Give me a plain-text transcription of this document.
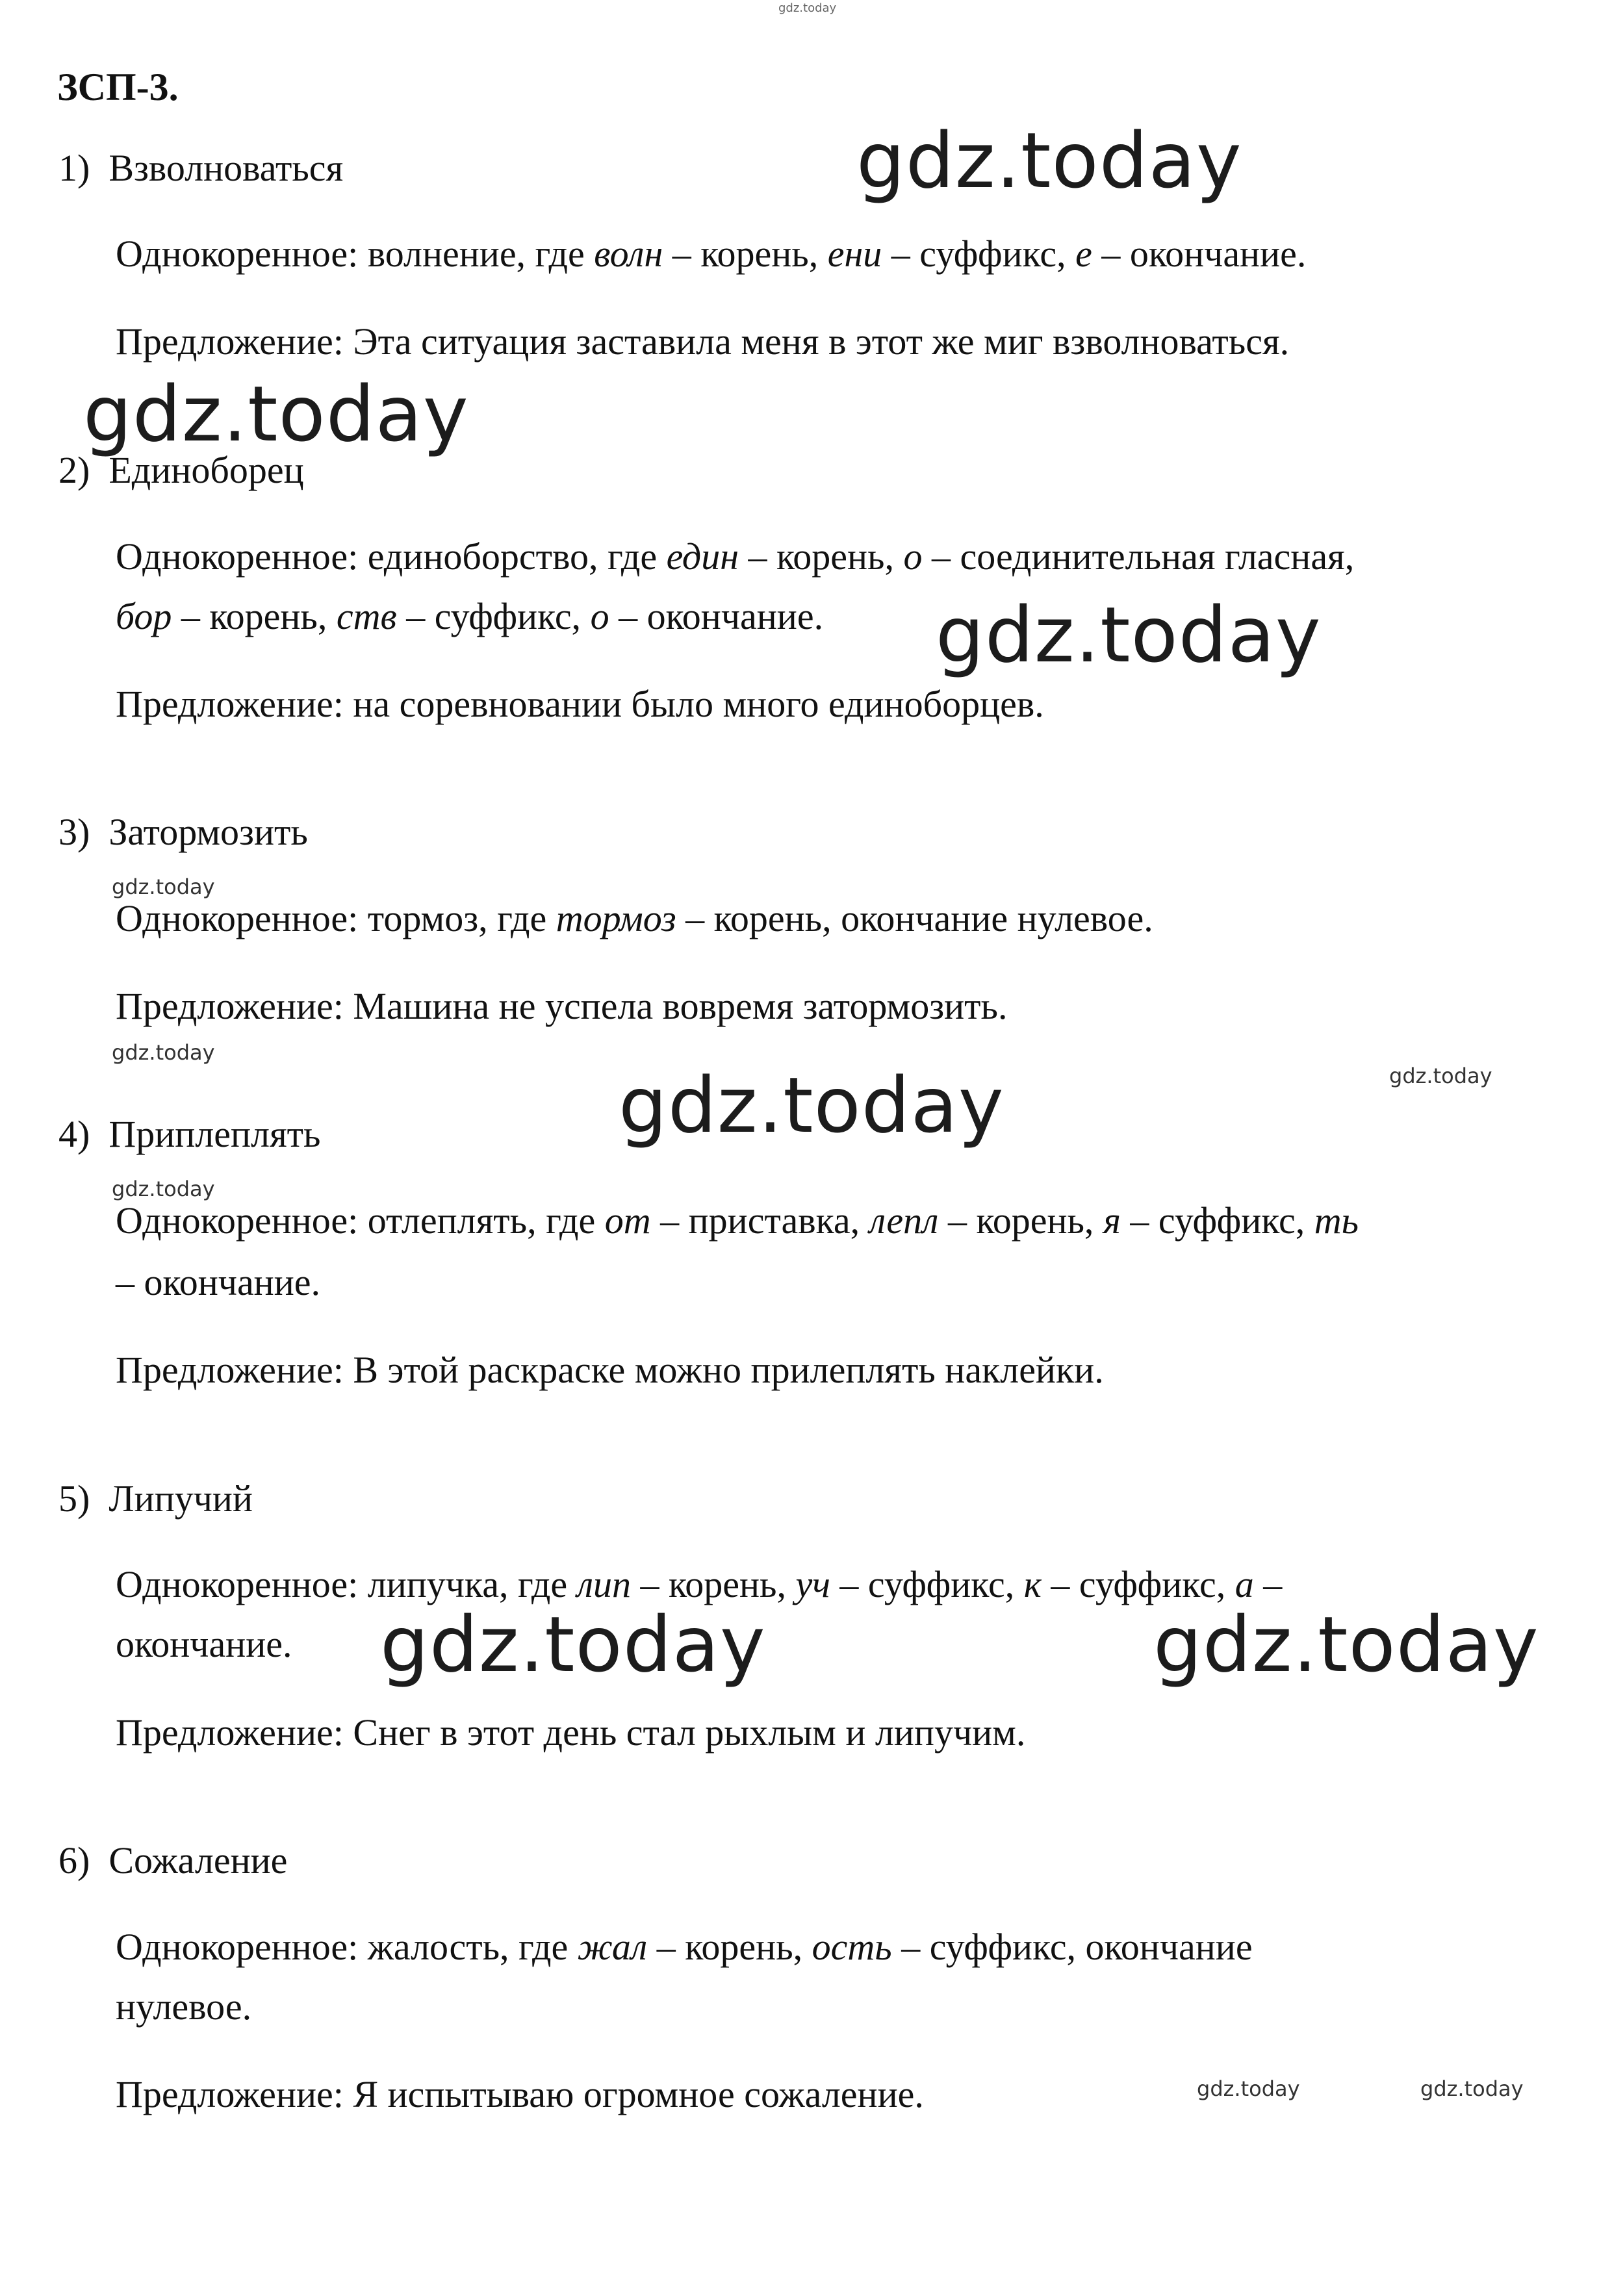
gdz.today
ЗСП-3.
1) Взволноваться
Однокоренное: волнение, где волн – корень, ени – суффикс, е – окончание.
Предложение: Эта ситуация заставила меня в этот же миг взволноваться.
2) Единоборец
Однокоренное: единоборство, где един – корень, о – соединительная гласная,
бор – корень, ств – суффикс, о – окончание.
Предложение: на соревновании было много единоборцев.
3) Затормозить
Однокоренное: тормоз, где тормоз – корень, окончание нулевое.
Предложение: Машина не успела вовремя затормозить.
4) Приплеплять
Однокоренное: отлеплять, где от – приставка, лепл – корень, я – суффикс, ть
– окончание.
Предложение: В этой раскраске можно прилеплять наклейки.
5) Липучий
Однокоренное: липучка, где лип – корень, уч – суффикс, к – суффикс, а –
окончание.
Предложение: Снег в этот день стал рыхлым и липучим.
6) Сожаление
Однокоренное: жалость, где жал – корень, ость – суффикс, окончание
нулевое.
Предложение: Я испытываю огромное сожаление.
gdz.today
gdz.today
gdz.today
gdz.today
gdz.today	gdz.today
gdz.today
gdz.today
gdz.today
gdz.today
gdz.today	gdz.today
